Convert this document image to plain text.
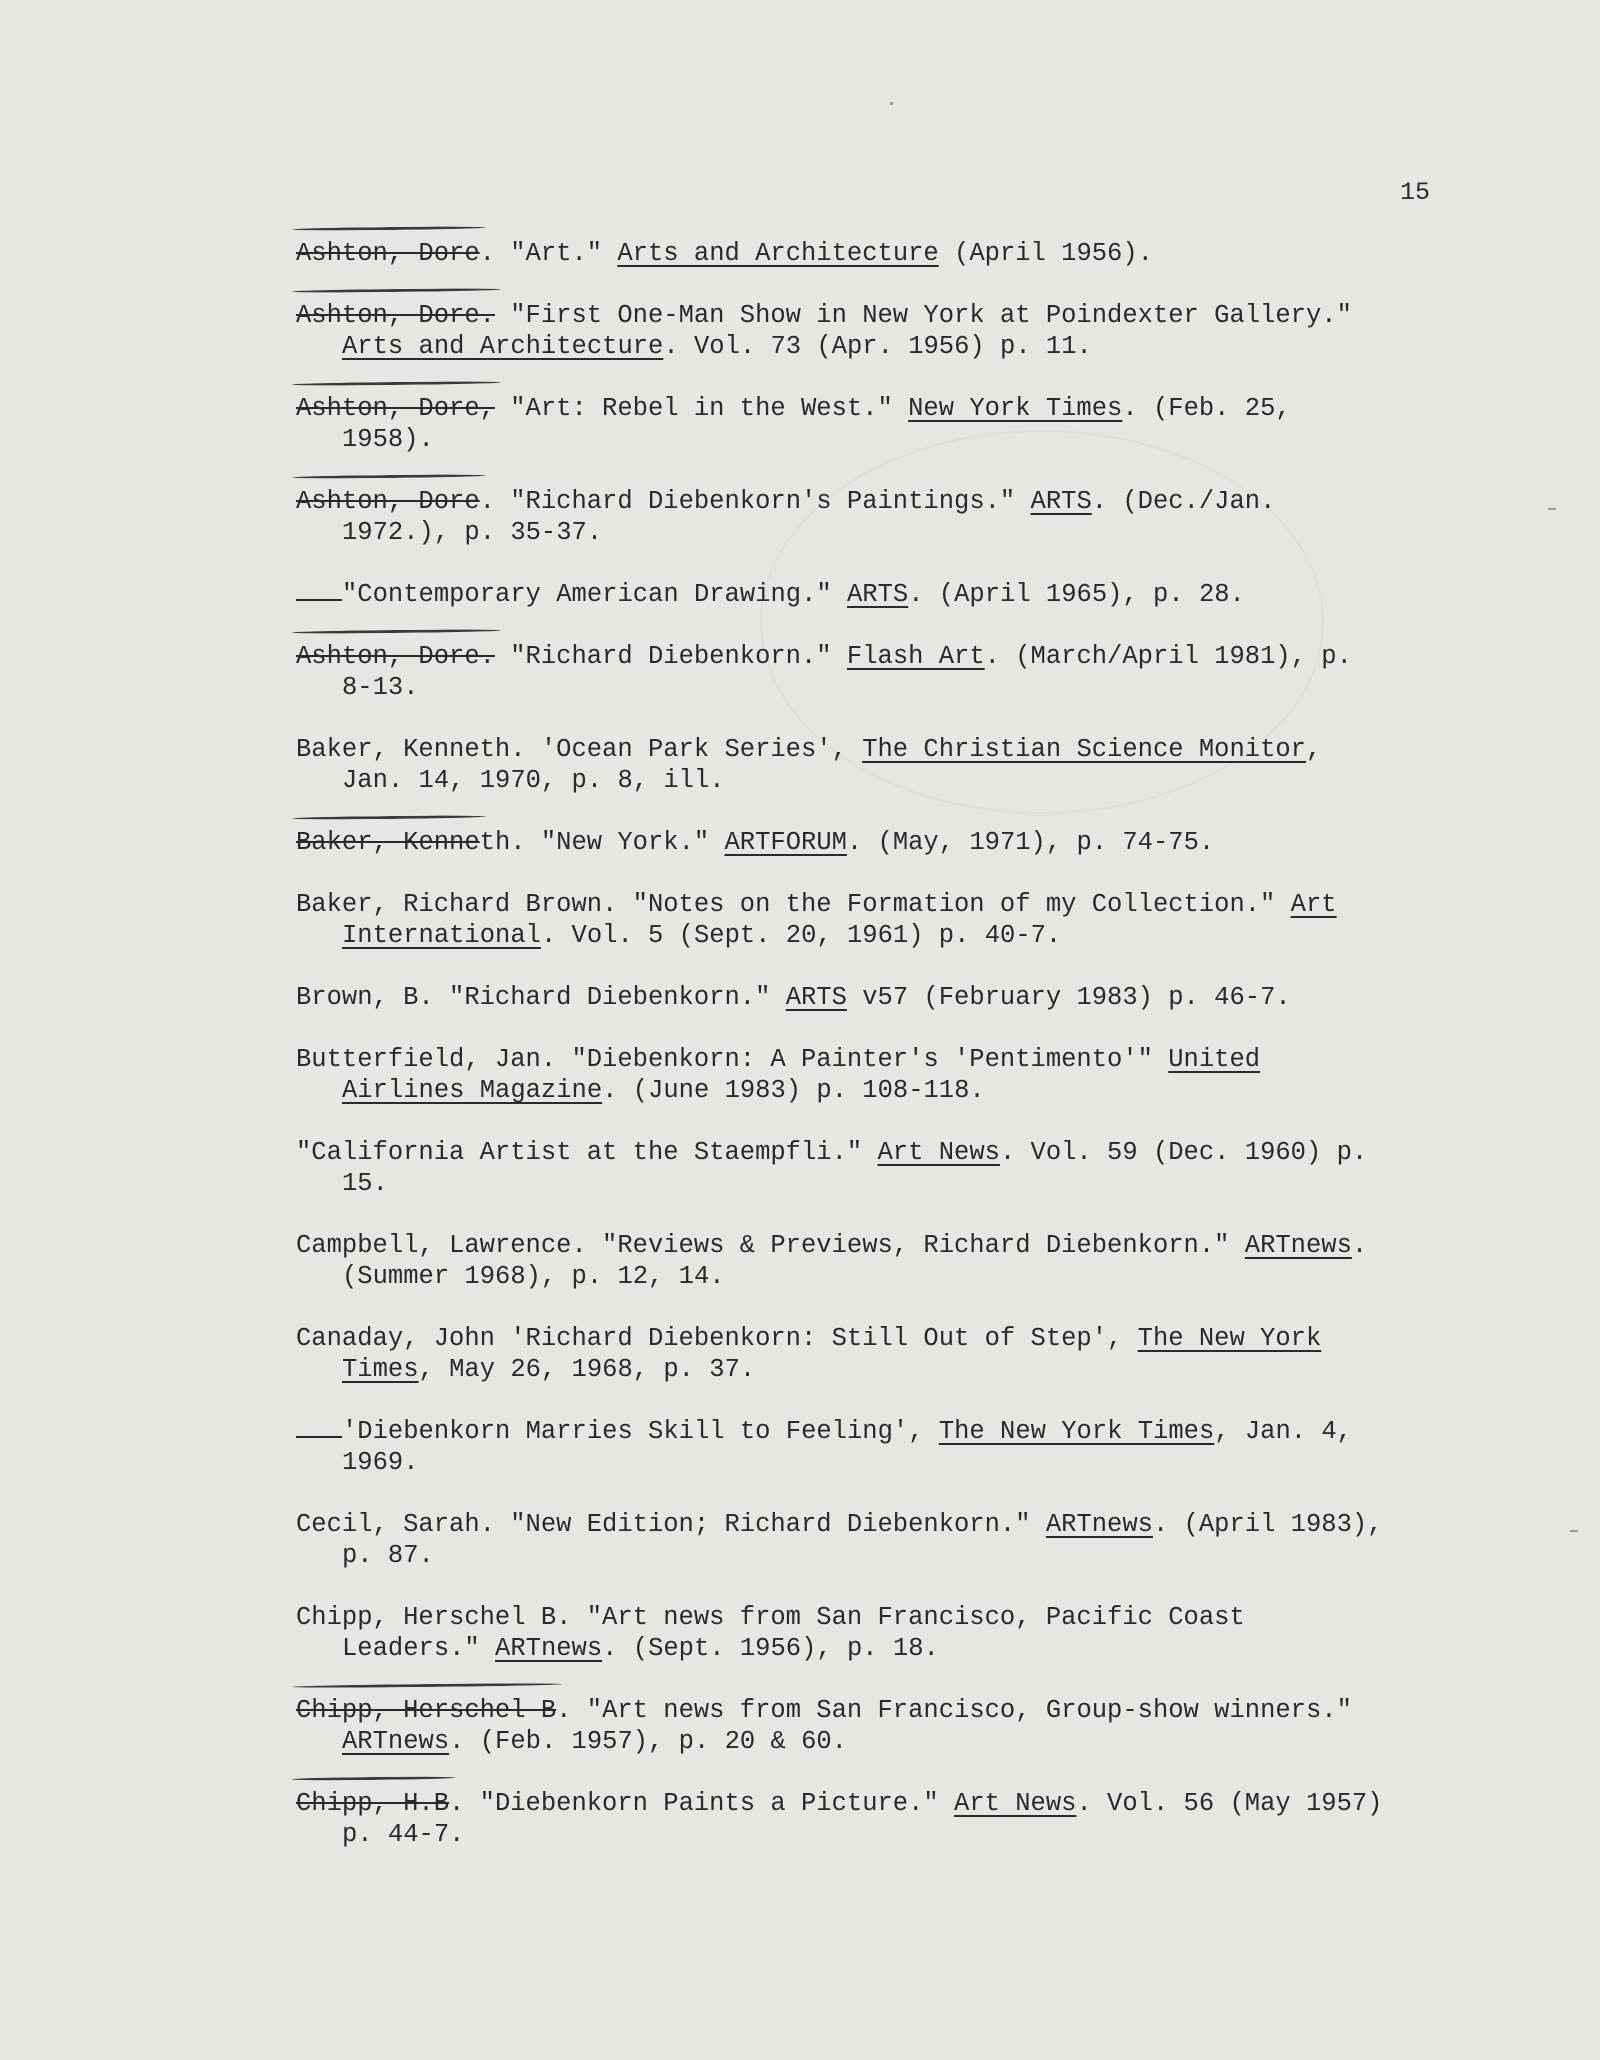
15
Ashton, Dore. "Art." Arts and Architecture (April 1956).
Ashton, Dore. "First One-Man Show in New York at Poindexter Gallery." Arts and Architecture. Vol. 73 (Apr. 1956) p. 11.
Ashton, Dore, "Art: Rebel in the West." New York Times. (Feb. 25, 1958).
Ashton, Dore. "Richard Diebenkorn's Paintings." ARTS. (Dec./Jan. 1972.), p. 35-37.
"Contemporary American Drawing." ARTS. (April 1965), p. 28.
Ashton, Dore. "Richard Diebenkorn." Flash Art. (March/April 1981), p. 8-13.
Baker, Kenneth. 'Ocean Park Series', The Christian Science Monitor, Jan. 14, 1970, p. 8, ill.
Baker, Kenneth. "New York." ARTFORUM. (May, 1971), p. 74-75.
Baker, Richard Brown. "Notes on the Formation of my Collection." Art International. Vol. 5 (Sept. 20, 1961) p. 40-7.
Brown, B. "Richard Diebenkorn." ARTS v57 (February 1983) p. 46-7.
Butterfield, Jan. "Diebenkorn: A Painter's 'Pentimento'" United Airlines Magazine. (June 1983) p. 108-118.
"California Artist at the Staempfli." Art News. Vol. 59 (Dec. 1960) p. 15.
Campbell, Lawrence. "Reviews & Previews, Richard Diebenkorn." ARTnews. (Summer 1968), p. 12, 14.
Canaday, John 'Richard Diebenkorn: Still Out of Step', The New York Times, May 26, 1968, p. 37.
'Diebenkorn Marries Skill to Feeling', The New York Times, Jan. 4, 1969.
Cecil, Sarah. "New Edition; Richard Diebenkorn." ARTnews. (April 1983), p. 87.
Chipp, Herschel B. "Art news from San Francisco, Pacific Coast Leaders." ARTnews. (Sept. 1956), p. 18.
Chipp, Herschel B. "Art news from San Francisco, Group-show winners." ARTnews. (Feb. 1957), p. 20 & 60.
Chipp, H.B. "Diebenkorn Paints a Picture." Art News. Vol. 56 (May 1957) p. 44-7.
